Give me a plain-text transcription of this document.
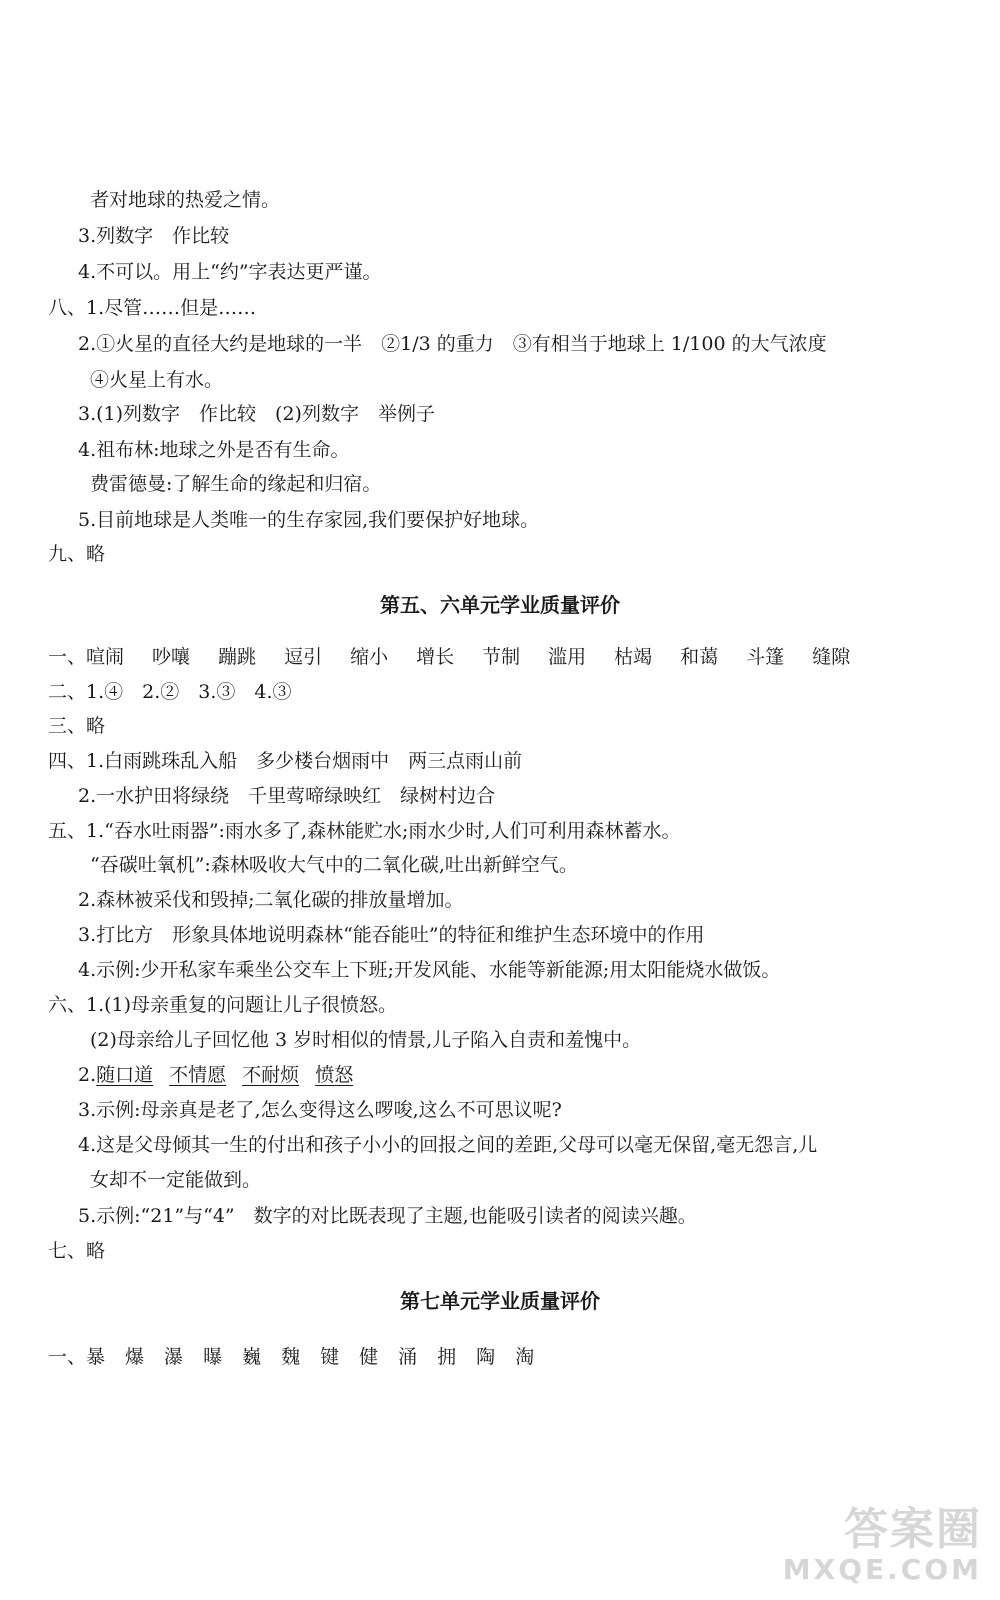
者对地球的热爱之情。
3.列数字　作比较
4.不可以。用上“约”字表达更严谨。
八、1.尽管……但是……
2.①火星的直径大约是地球的一半　②1/3 的重力　③有相当于地球上 1/100 的大气浓度
④火星上有水。
3.(1)列数字　作比较　(2)列数字　举例子
4.祖布林:地球之外是否有生命。
费雷德曼:了解生命的缘起和归宿。
5.目前地球是人类唯一的生存家园,我们要保护好地球。
九、略
第五、六单元学业质量评价
一、喧闹 吵嚷 蹦跳 逗引 缩小 增长 节制 滥用 枯竭 和蔼 斗篷 缝隙
二、1.④　2.②　3.③　4.③
三、略
四、1.白雨跳珠乱入船　多少楼台烟雨中　两三点雨山前
2.一水护田将绿绕　千里莺啼绿映红　绿树村边合
五、1.“吞水吐雨器”:雨水多了,森林能贮水;雨水少时,人们可利用森林蓄水。
“吞碳吐氧机”:森林吸收大气中的二氧化碳,吐出新鲜空气。
2.森林被采伐和毁掉;二氧化碳的排放量增加。
3.打比方　形象具体地说明森林“能吞能吐”的特征和维护生态环境中的作用
4.示例:少开私家车乘坐公交车上下班;开发风能、水能等新能源;用太阳能烧水做饭。
六、1.(1)母亲重复的问题让儿子很愤怒。
(2)母亲给儿子回忆他 3 岁时相似的情景,儿子陷入自责和羞愧中。
2.随口道 不情愿 不耐烦 愤怒
3.示例:母亲真是老了,怎么变得这么啰唆,这么不可思议呢?
4.这是父母倾其一生的付出和孩子小小的回报之间的差距,父母可以毫无保留,毫无怨言,儿
女却不一定能做到。
5.示例:“21”与“4”　数字的对比既表现了主题,也能吸引读者的阅读兴趣。
七、略
第七单元学业质量评价
一、暴 爆 瀑 曝 巍 魏 键 健 涌 拥 陶 淘
答案圈
MXQE.COM
